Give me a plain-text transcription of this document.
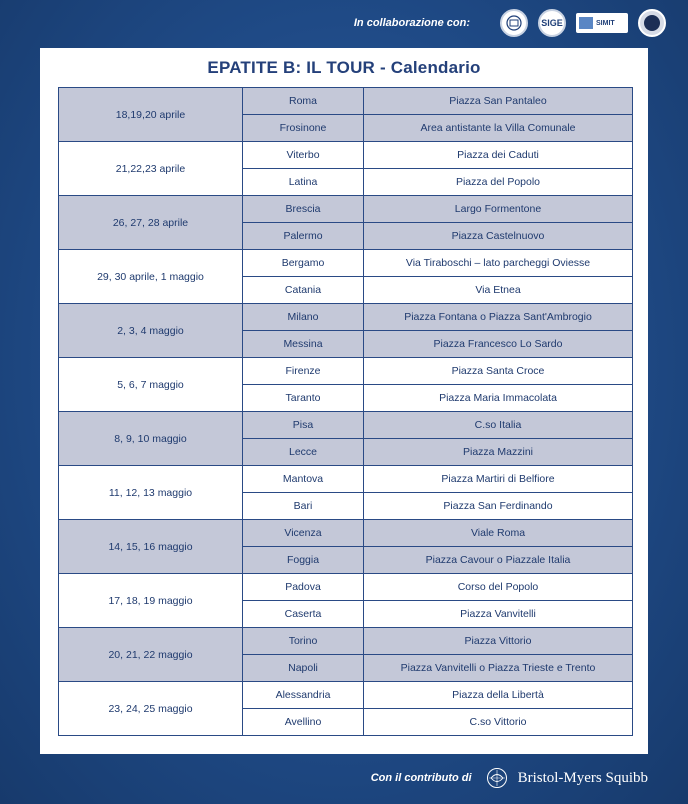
In collaborazione con:	SIGE	SIMIT
EPATITE B: IL TOUR - Calendario
18,19,20 aprile	Roma	Piazza San Pantaleo
	Frosinone	Area antistante la Villa Comunale
21,22,23 aprile	Viterbo	Piazza dei Caduti
	Latina	Piazza del Popolo
26, 27, 28 aprile	Brescia	Largo Formentone
	Palermo	Piazza Castelnuovo
29, 30 aprile, 1 maggio	Bergamo	Via Tiraboschi – lato parcheggi Oviesse
	Catania	Via Etnea
2, 3, 4 maggio	Milano	Piazza Fontana o Piazza Sant'Ambrogio
	Messina	Piazza Francesco Lo Sardo
5, 6, 7 maggio	Firenze	Piazza Santa Croce
	Taranto	Piazza Maria Immacolata
8, 9, 10 maggio	Pisa	C.so Italia
	Lecce	Piazza Mazzini
11, 12, 13 maggio	Mantova	Piazza Martiri di Belfiore
	Bari	Piazza San Ferdinando
14, 15, 16 maggio	Vicenza	Viale Roma
	Foggia	Piazza Cavour o Piazzale Italia
17, 18, 19 maggio	Padova	Corso del Popolo
	Caserta	Piazza Vanvitelli
20, 21, 22 maggio	Torino	Piazza Vittorio
	Napoli	Piazza Vanvitelli o Piazza Trieste e Trento
23, 24, 25 maggio	Alessandria	Piazza della Libertà
	Avellino	C.so Vittorio
Con il contributo di	Bristol-Myers Squibb
